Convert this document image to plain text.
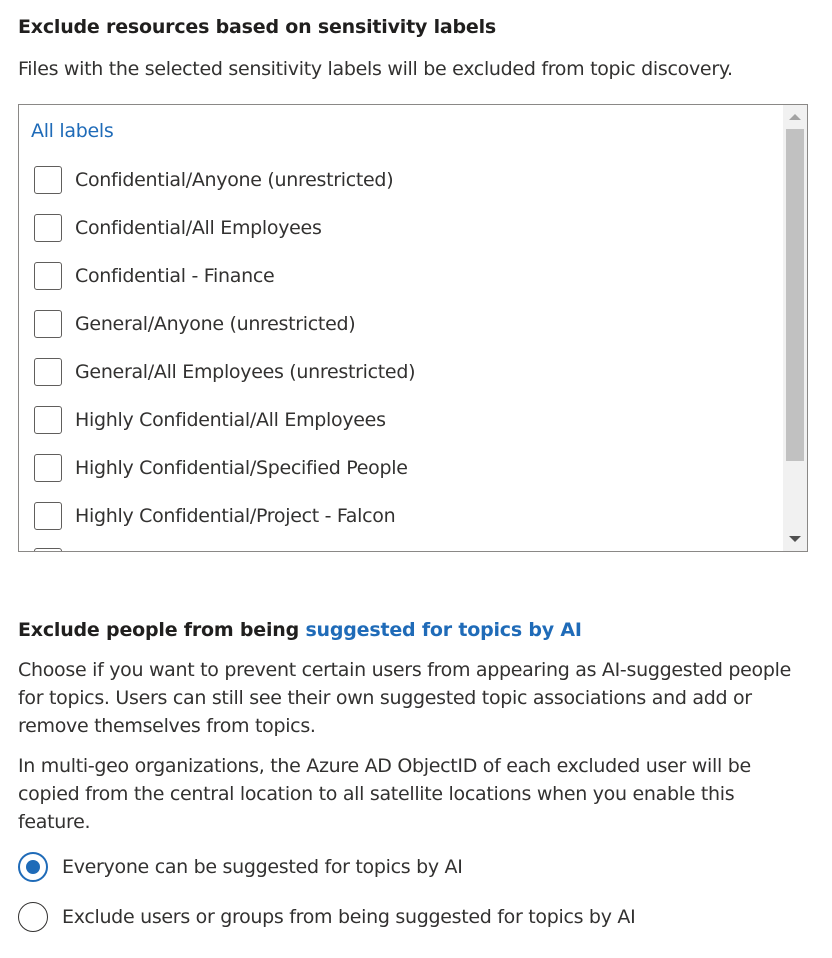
Exclude resources based on sensitivity labels
Files with the selected sensitivity labels will be excluded from topic discovery.
All labels
Confidential/Anyone (unrestricted)
Confidential/All Employees
Confidential - Finance
General/Anyone (unrestricted)
General/All Employees (unrestricted)
Highly Confidential/All Employees
Highly Confidential/Specified People
Highly Confidential/Project - Falcon
Exclude people from being suggested for topics by AI
Choose if you want to prevent certain users from appearing as AI-suggested people for topics. Users can still see their own suggested topic associations and add or remove themselves from topics.
In multi-geo organizations, the Azure AD ObjectID of each excluded user will be copied from the central location to all satellite locations when you enable this feature.
Everyone can be suggested for topics by AI
Exclude users or groups from being suggested for topics by AI
